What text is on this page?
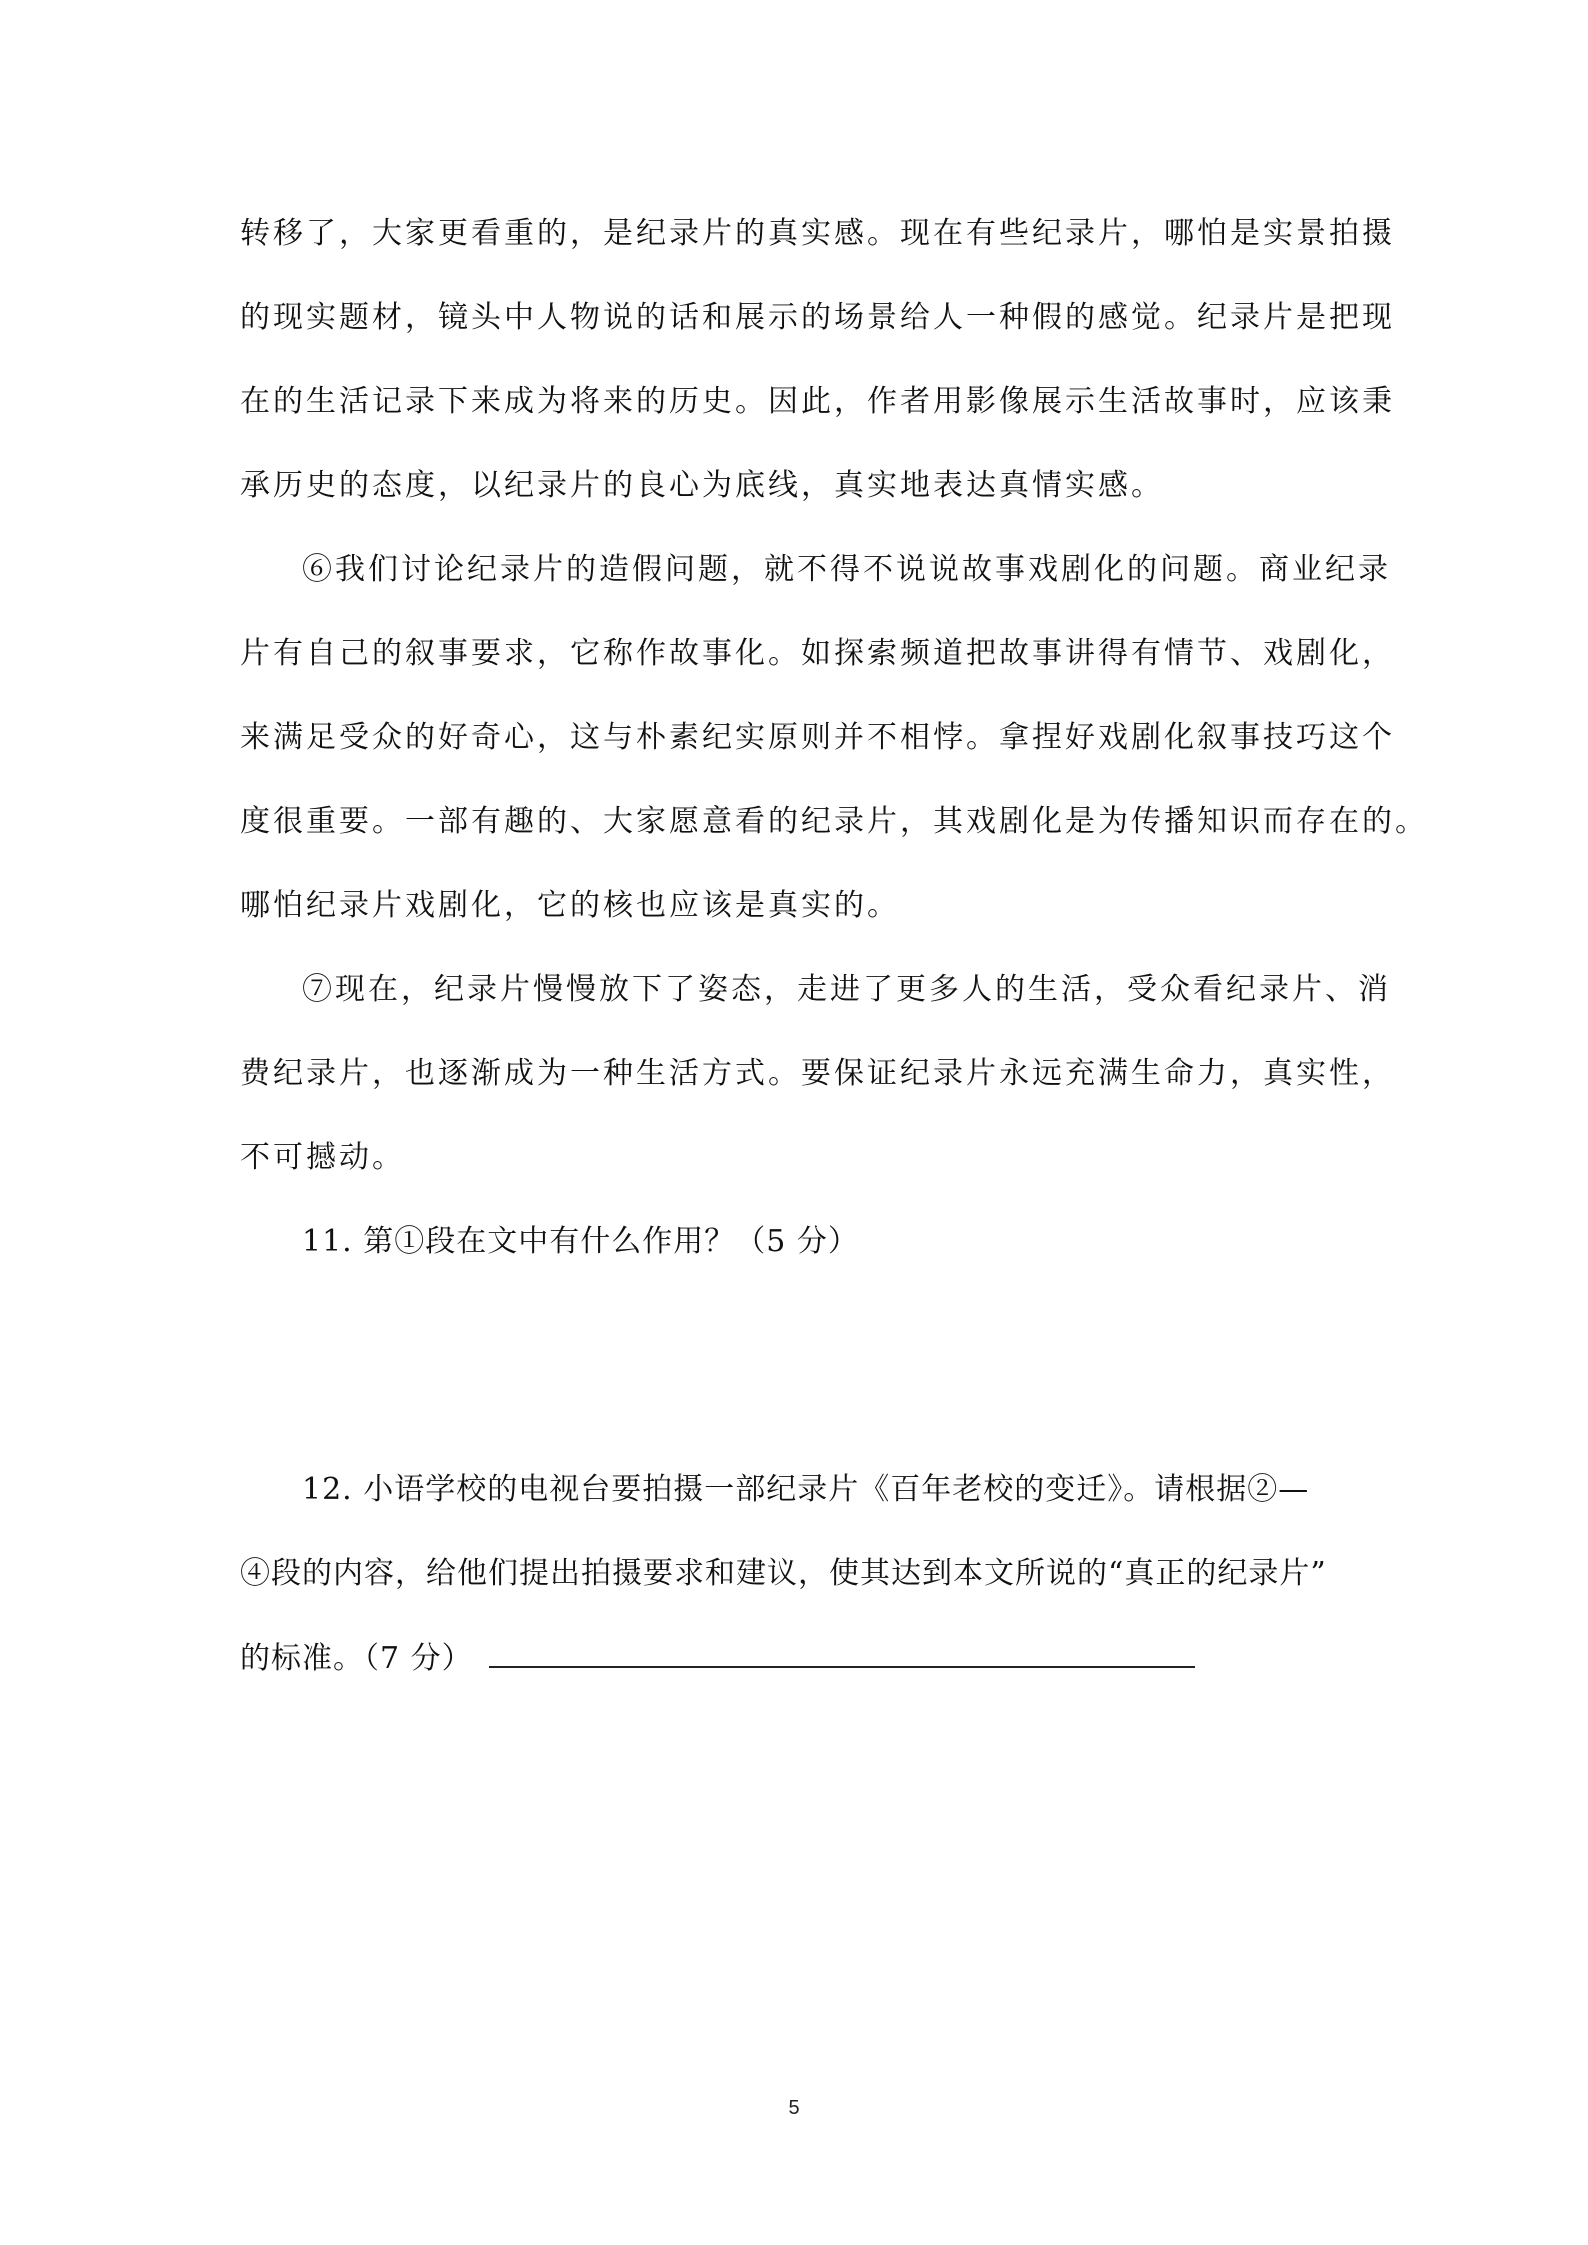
转移了，大家更看重的，是纪录片的真实感。现在有些纪录片，哪怕是实景拍摄
的现实题材，镜头中人物说的话和展示的场景给人一种假的感觉。纪录片是把现
在的生活记录下来成为将来的历史。因此，作者用影像展示生活故事时，应该秉
承历史的态度，以纪录片的良心为底线，真实地表达真情实感。
⑥我们讨论纪录片的造假问题，就不得不说说故事戏剧化的问题。商业纪录
片有自己的叙事要求，它称作故事化。如探索频道把故事讲得有情节、戏剧化，
来满足受众的好奇心，这与朴素纪实原则并不相悖。拿捏好戏剧化叙事技巧这个
度很重要。一部有趣的、大家愿意看的纪录片，其戏剧化是为传播知识而存在的。
哪怕纪录片戏剧化，它的核也应该是真实的。
⑦现在，纪录片慢慢放下了姿态，走进了更多人的生活，受众看纪录片、消
费纪录片，也逐渐成为一种生活方式。要保证纪录片永远充满生命力，真实性，
不可撼动。
11. 第①段在文中有什么作用？（5 分）
12. 小语学校的电视台要拍摄一部纪录片《百年老校的变迁》。请根据②—
④段的内容，给他们提出拍摄要求和建议，使其达到本文所说的“真正的纪录片”
的标准。（7 分）
5
